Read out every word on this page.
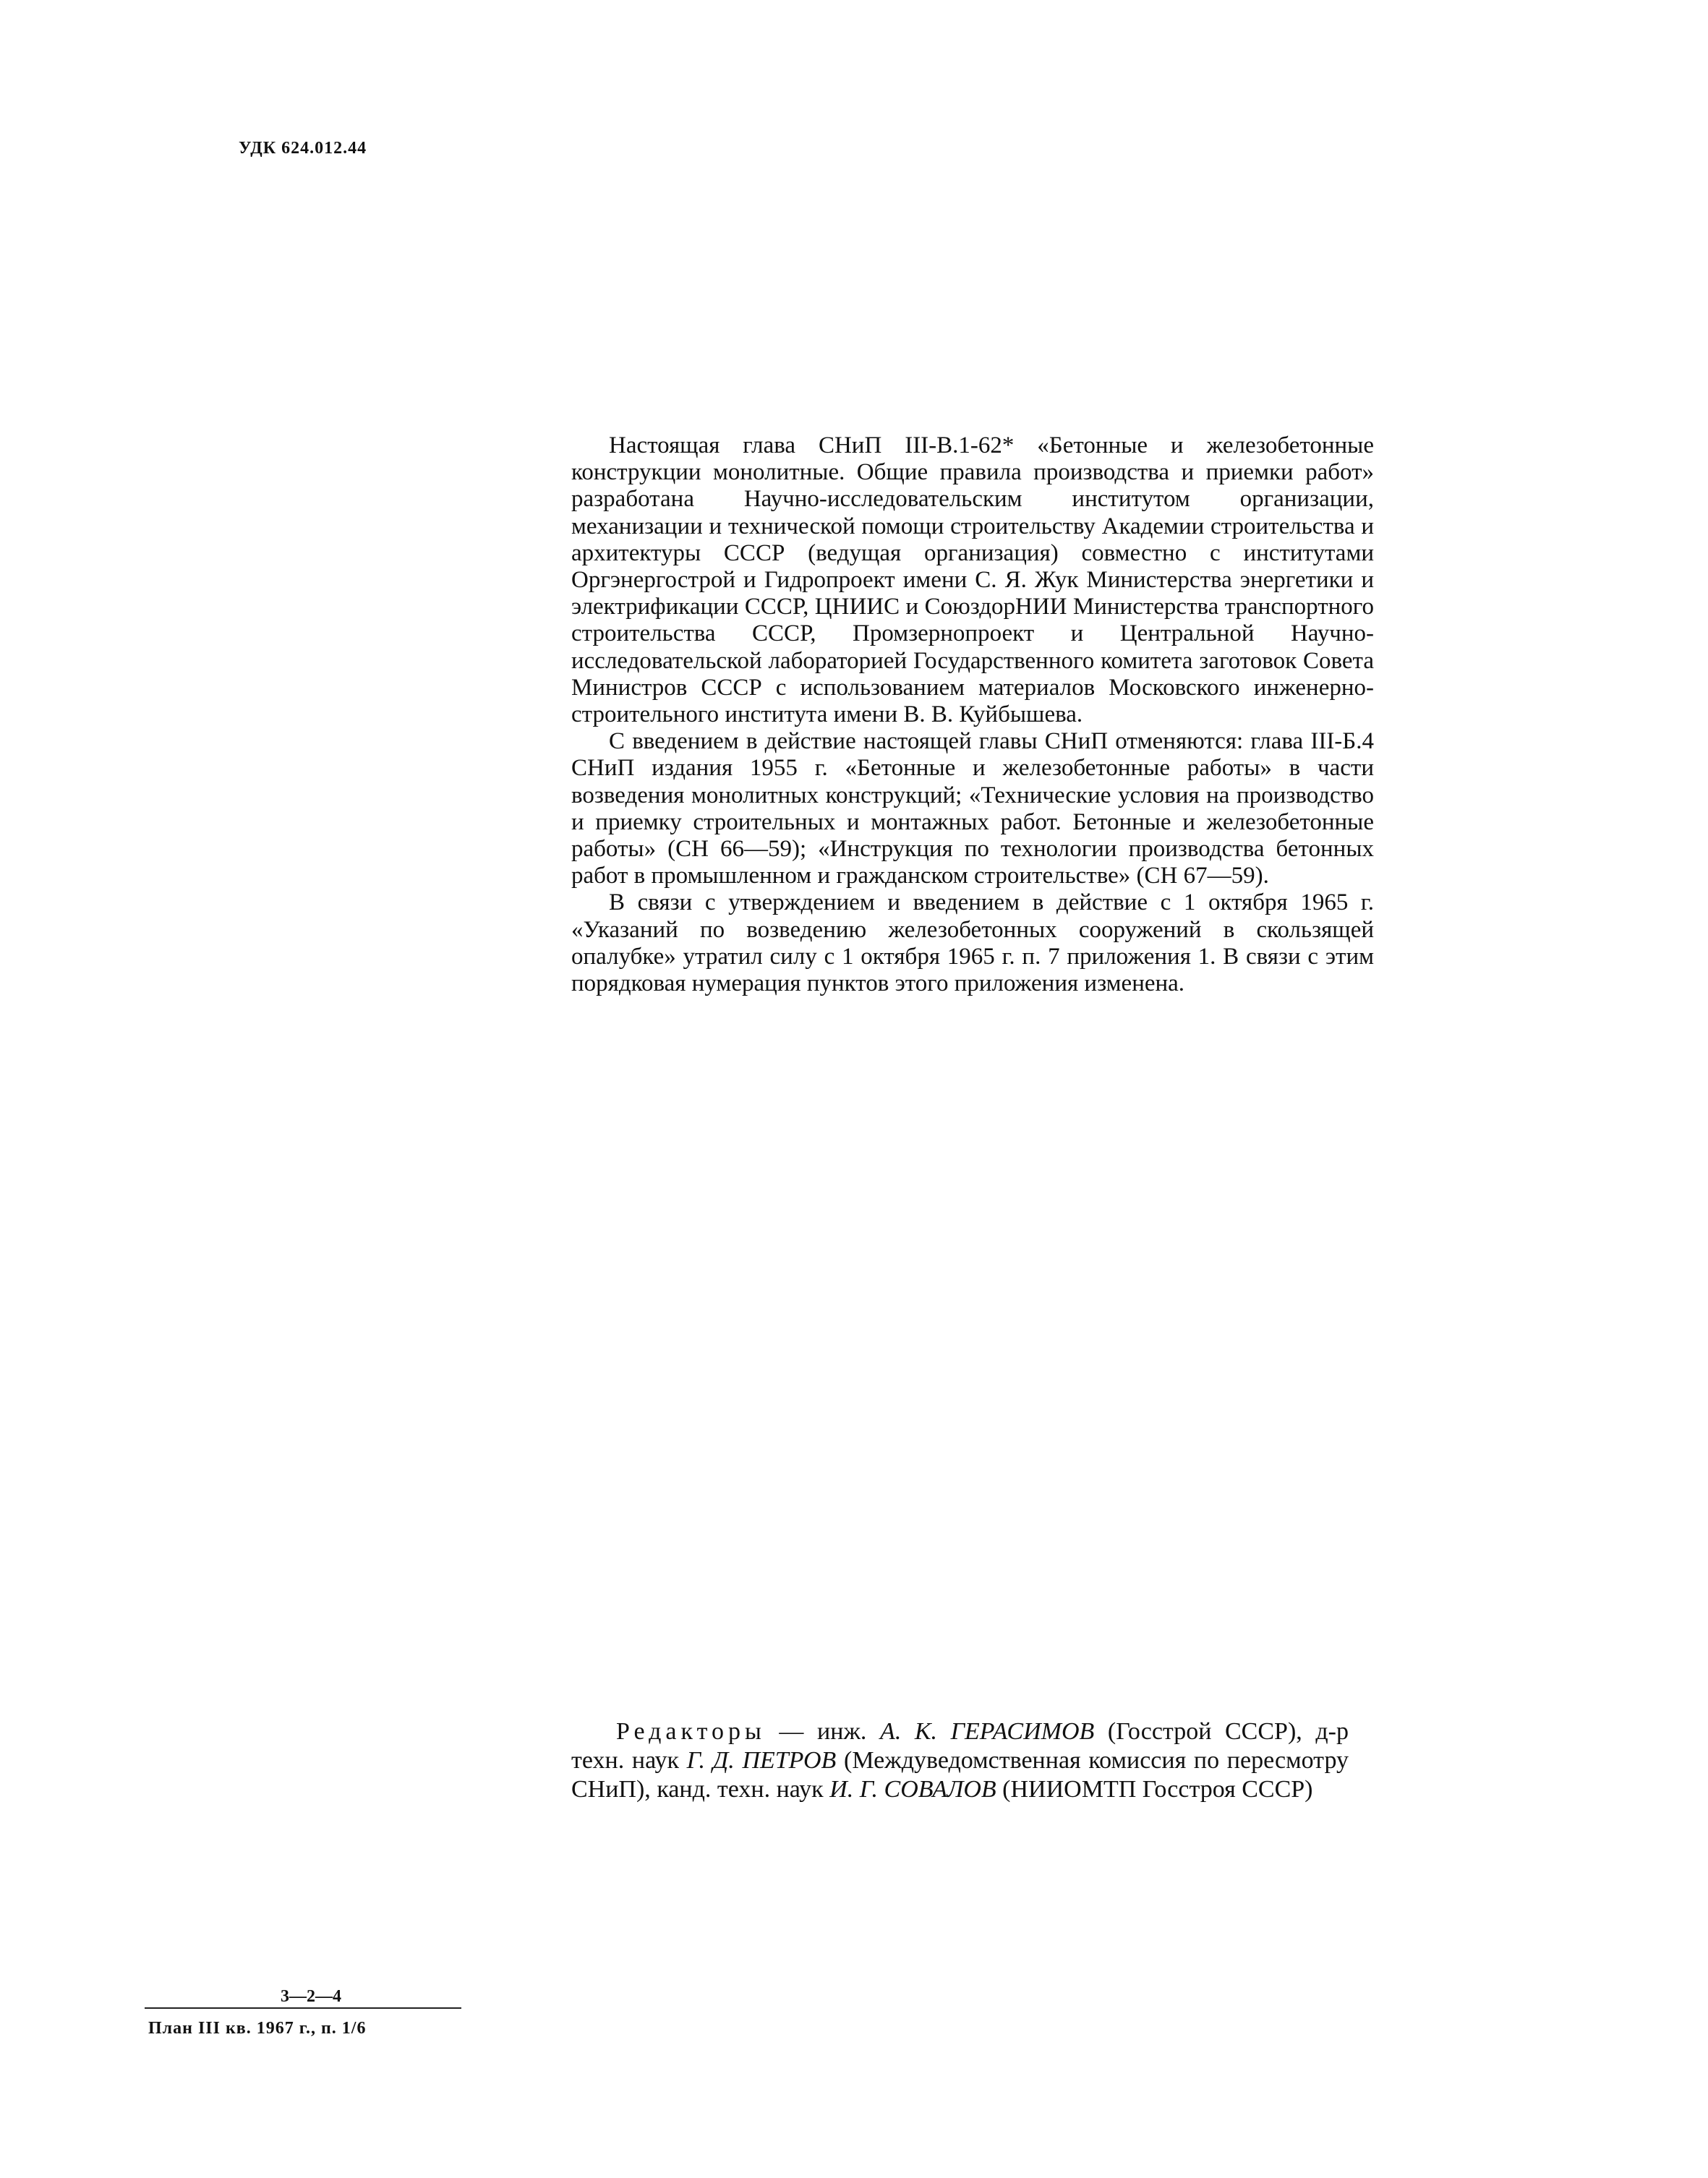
УДК 624.012.44

Настоящая глава СНиП III-B.1-62* «Бетонные и железобетонные конструкции монолитные. Общие правила производства и приемки работ» разработана Научно-исследовательским институтом организации, механизации и технической помощи строительству Академии строительства и архитектуры СССР (ведущая организация) совместно с институтами Оргэнергострой и Гидропроект имени С. Я. Жук Министерства энергетики и электрификации СССР, ЦНИИС и СоюздорНИИ Министерства транспортного строительства СССР, Промзернопроект и Центральной Научно-исследовательской лабораторией Государственного комитета заготовок Совета Министров СССР с использованием материалов Московского инженерно-строительного института имени В. В. Куйбышева.

С введением в действие настоящей главы СНиП отменяются: глава III-Б.4 СНиП издания 1955 г. «Бетонные и железобетонные работы» в части возведения монолитных конструкций; «Технические условия на производство и приемку строительных и монтажных работ. Бетонные и железобетонные работы» (СН 66—59); «Инструкция по технологии производства бетонных работ в промышленном и гражданском строительстве» (СН 67—59).

В связи с утверждением и введением в действие с 1 октября 1965 г. «Указаний по возведению железобетонных сооружений в скользящей опалубке» утратил силу с 1 октября 1965 г. п. 7 приложения 1. В связи с этим порядковая нумерация пунктов этого приложения изменена.

Редакторы — инж. А. К. ГЕРАСИМОВ (Госстрой СССР), д-р техн. наук Г. Д. ПЕТРОВ (Междуведомственная комиссия по пересмотру СНиП), канд. техн. наук И. Г. СОВАЛОВ (НИИОМТП Госстроя СССР)

3—2—4
План III кв. 1967 г., п. 1/6
